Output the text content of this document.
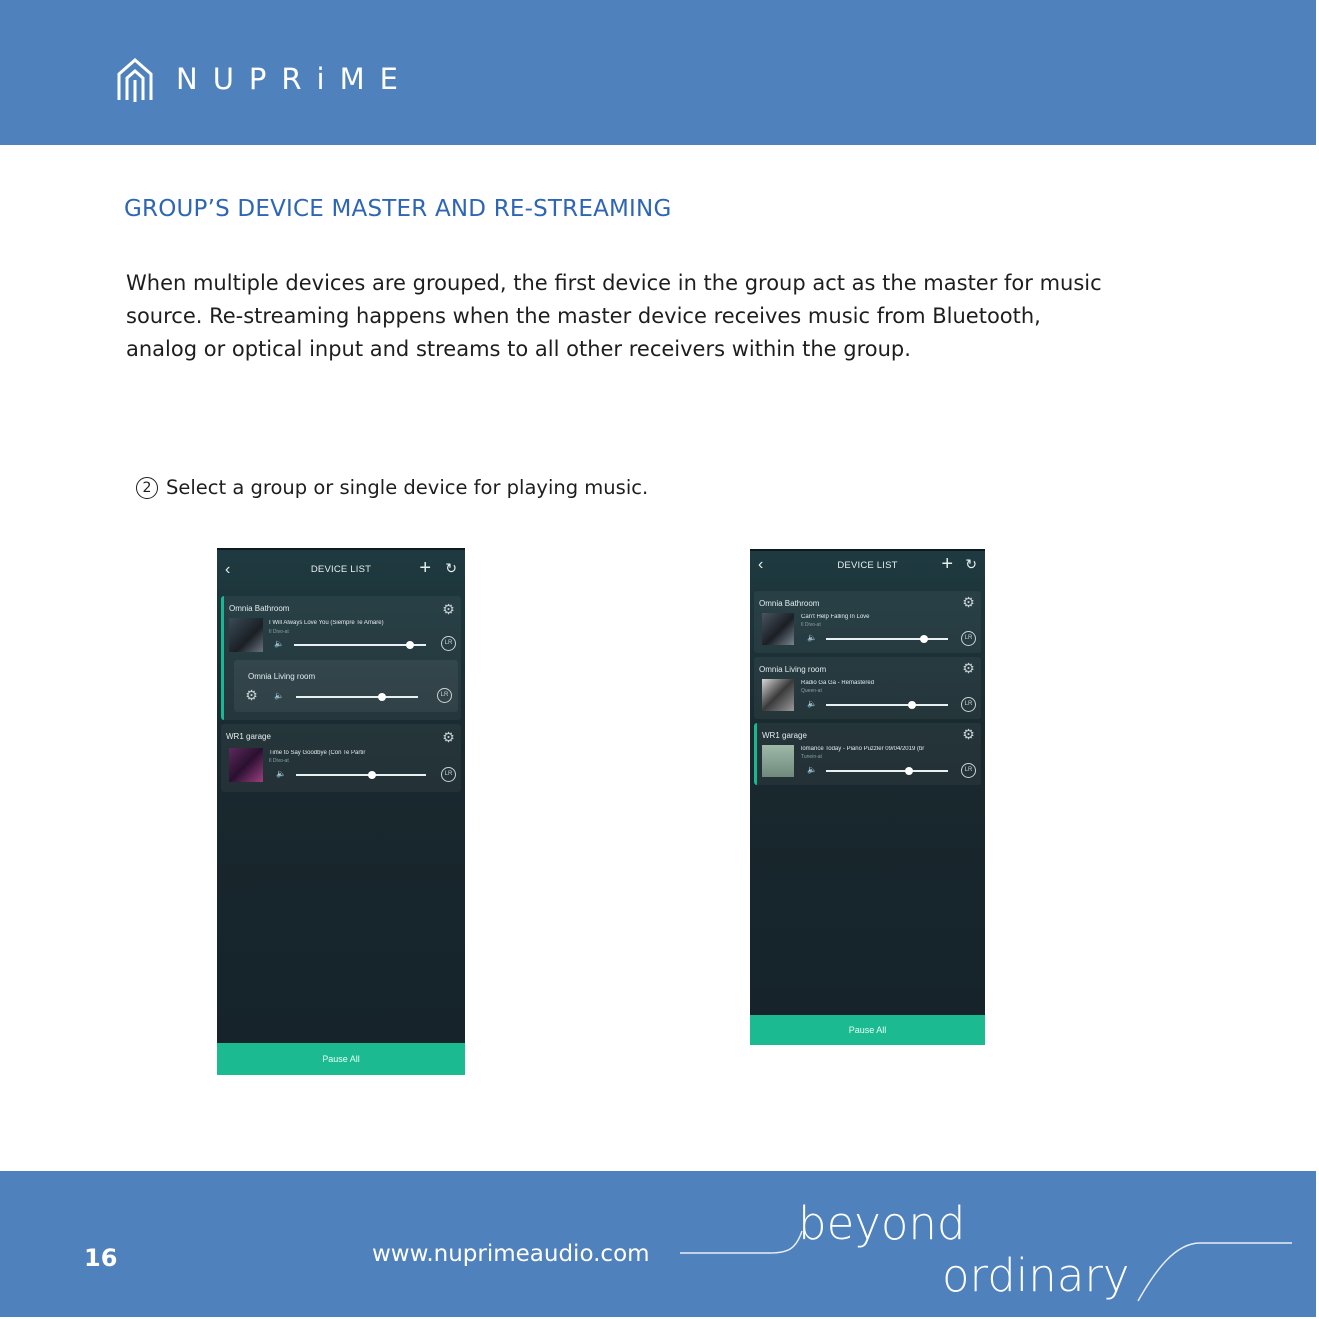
NUPRiME
GROUP’S DEVICE MASTER AND RE-STREAMING
When multiple devices are grouped, the first device in the group act as the master for music
source. Re-streaming happens when the master device receives music from Bluetooth,
analog or optical input and streams to all other receivers within the group.
2 Select a group or single device for playing music.
‹	DEVICE LIST	+ ↻
Omnia Bathroom	⚙
I Will Always Love You (Siempre Te Amare)
Il Divo-at
🔈	LR
Omnia Living room
⚙ 🔈	LR
WR1 garage	⚙
Time to Say Goodbye (Con Te Partir
Il Divo-at
🔈	LR
Pause All
‹	DEVICE LIST	+ ↻
Omnia Bathroom	⚙
Can't Help Falling In Love
Il Divo-at
🔈	LR
Omnia Living room	⚙
Radio Ga Ga - Remastered
Queen-at
🔈	LR
WR1 garage	⚙
lomance Today - Piano Puzzler 09/04/2019 (br
Tunein-at
🔈	LR
Pause All
16	www.nuprimeaudio.com
beyond
ordinary
